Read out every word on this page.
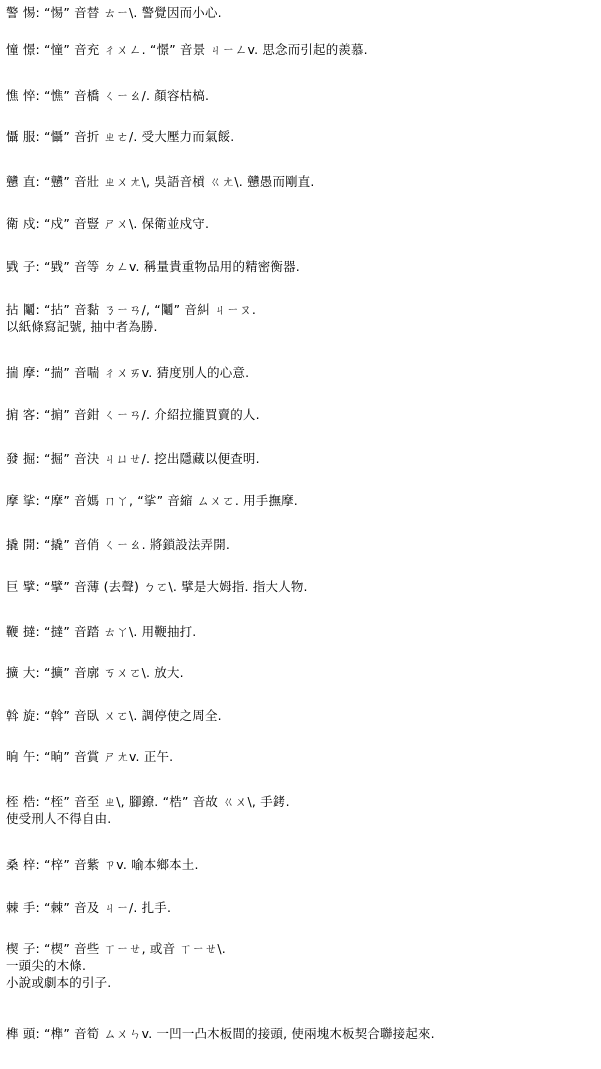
警 惕: “惕” 音替 ㄊㄧ\. 警覺因而小心.
憧 憬: “憧” 音充 ㄔㄨㄥ. “憬” 音景 ㄐㄧㄥv. 思念而引起的羨慕.
憔 悴: “憔” 音橋 ㄑㄧㄠ/. 顏容枯槁.
懾 服: “懾” 音折 ㄓㄜ/. 受大壓力而氣餒.
戇 直: “戇” 音壯 ㄓㄨㄤ\, 吳語音槓 ㄍㄤ\. 戇愚而剛直.
衛 戍: “戍” 音豎 ㄕㄨ\. 保衛並戍守.
戥 子: “戥” 音等 ㄉㄥv. 稱量貴重物品用的精密衡器.
拈 鬮: “拈” 音黏 ㄋㄧㄢ/, “鬮” 音糾 ㄐㄧㄡ.
以紙條寫記號, 抽中者為勝.
揣 摩: “揣” 音喘 ㄔㄨㄞv. 猜度別人的心意.
掮 客: “掮” 音鉗 ㄑㄧㄢ/. 介紹拉攏買賣的人.
發 掘: “掘” 音決 ㄐㄩㄝ/. 挖出隱藏以便查明.
摩 挲: “摩” 音媽 ㄇㄚ, “挲” 音縮 ㄙㄨㄛ. 用手撫摩.
撬 開: “撬” 音俏 ㄑㄧㄠ. 將鎖設法弄開.
巨 擘: “擘” 音薄 (去聲) ㄅㄛ\. 擘是大姆指. 指大人物.
鞭 撻: “撻” 音踏 ㄊㄚ\. 用鞭抽打.
擴 大: “擴” 音廓 ㄎㄨㄛ\. 放大.
斡 旋: “斡” 音臥 ㄨㄛ\. 調停使之周全.
晌 午: “晌” 音賞 ㄕㄤv. 正午.
桎 梏: “桎” 音至 ㄓ\, 腳鐐. “梏” 音故 ㄍㄨ\, 手銬.
使受刑人不得自由.
桑 梓: “梓” 音紫 ㄗv. 喻本鄉本土.
棘 手: “棘” 音及 ㄐㄧ/. 扎手.
楔 子: “楔” 音些 ㄒㄧㄝ, 或音 ㄒㄧㄝ\.
一頭尖的木條.
小說或劇本的引子.
榫 頭: “榫” 音筍 ㄙㄨㄣv. 一凹一凸木板間的接頭, 使兩塊木板契合聯接起來.
